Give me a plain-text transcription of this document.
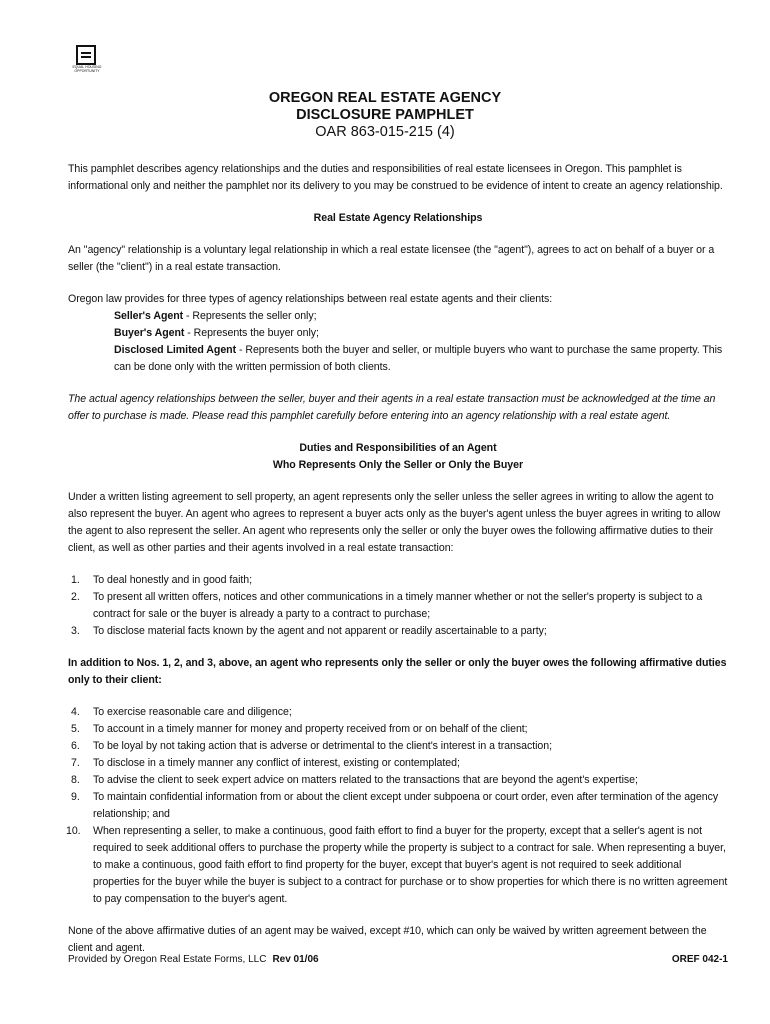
EQUAL HOUSING OPPORTUNITY
OREGON REAL ESTATE AGENCY
DISCLOSURE PAMPHLET
OAR 863-015-215 (4)

This pamphlet describes agency relationships and the duties and responsibilities of real estate licensees in Oregon. This pamphlet is informational only and neither the pamphlet nor its delivery to you may be construed to be evidence of intent to create an agency relationship.

Real Estate Agency Relationships

An "agency" relationship is a voluntary legal relationship in which a real estate licensee (the "agent"), agrees to act on behalf of a buyer or a seller (the "client") in a real estate transaction.

Oregon law provides for three types of agency relationships between real estate agents and their clients:

Seller's Agent - Represents the seller only;

Buyer's Agent - Represents the buyer only;

Disclosed Limited Agent - Represents both the buyer and seller, or multiple buyers who want to purchase the same property. This can be done only with the written permission of both clients.

The actual agency relationships between the seller, buyer and their agents in a real estate transaction must be acknowledged at the time an offer to purchase is made. Please read this pamphlet carefully before entering into an agency relationship with a real estate agent.

Duties and Responsibilities of an Agent

Who Represents Only the Seller or Only the Buyer

Under a written listing agreement to sell property, an agent represents only the seller unless the seller agrees in writing to allow the agent to also represent the buyer. An agent who agrees to represent a buyer acts only as the buyer's agent unless the buyer agrees in writing to allow the agent to also represent the seller. An agent who represents only the seller or only the buyer owes the following affirmative duties to their client, as well as other parties and their agents involved in a real estate transaction:

1. To deal honestly and in good faith;
2. To present all written offers, notices and other communications in a timely manner whether or not the seller's property is subject to a contract for sale or the buyer is already a party to a contract to purchase;
3. To disclose material facts known by the agent and not apparent or readily ascertainable to a party;

In addition to Nos. 1, 2, and 3, above, an agent who represents only the seller or only the buyer owes the following affirmative duties only to their client:

4. To exercise reasonable care and diligence;
5. To account in a timely manner for money and property received from or on behalf of the client;
6. To be loyal by not taking action that is adverse or detrimental to the client's interest in a transaction;
7. To disclose in a timely manner any conflict of interest, existing or contemplated;
8. To advise the client to seek expert advice on matters related to the transactions that are beyond the agent's expertise;
9. To maintain confidential information from or about the client except under subpoena or court order, even after termination of the agency relationship; and
10. When representing a seller, to make a continuous, good faith effort to find a buyer for the property, except that a seller's agent is not required to seek additional offers to purchase the property while the property is subject to a contract for sale. When representing a buyer, to make a continuous, good faith effort to find property for the buyer, except that buyer's agent is not required to seek additional properties for the buyer while the buyer is subject to a contract for purchase or to show properties for which there is no written agreement to pay compensation to the buyer's agent.

None of the above affirmative duties of an agent may be waived, except #10, which can only be waived by written agreement between the client and agent.

Provided by Oregon Real Estate Forms, LLC Rev 01/06	OREF 042-1
